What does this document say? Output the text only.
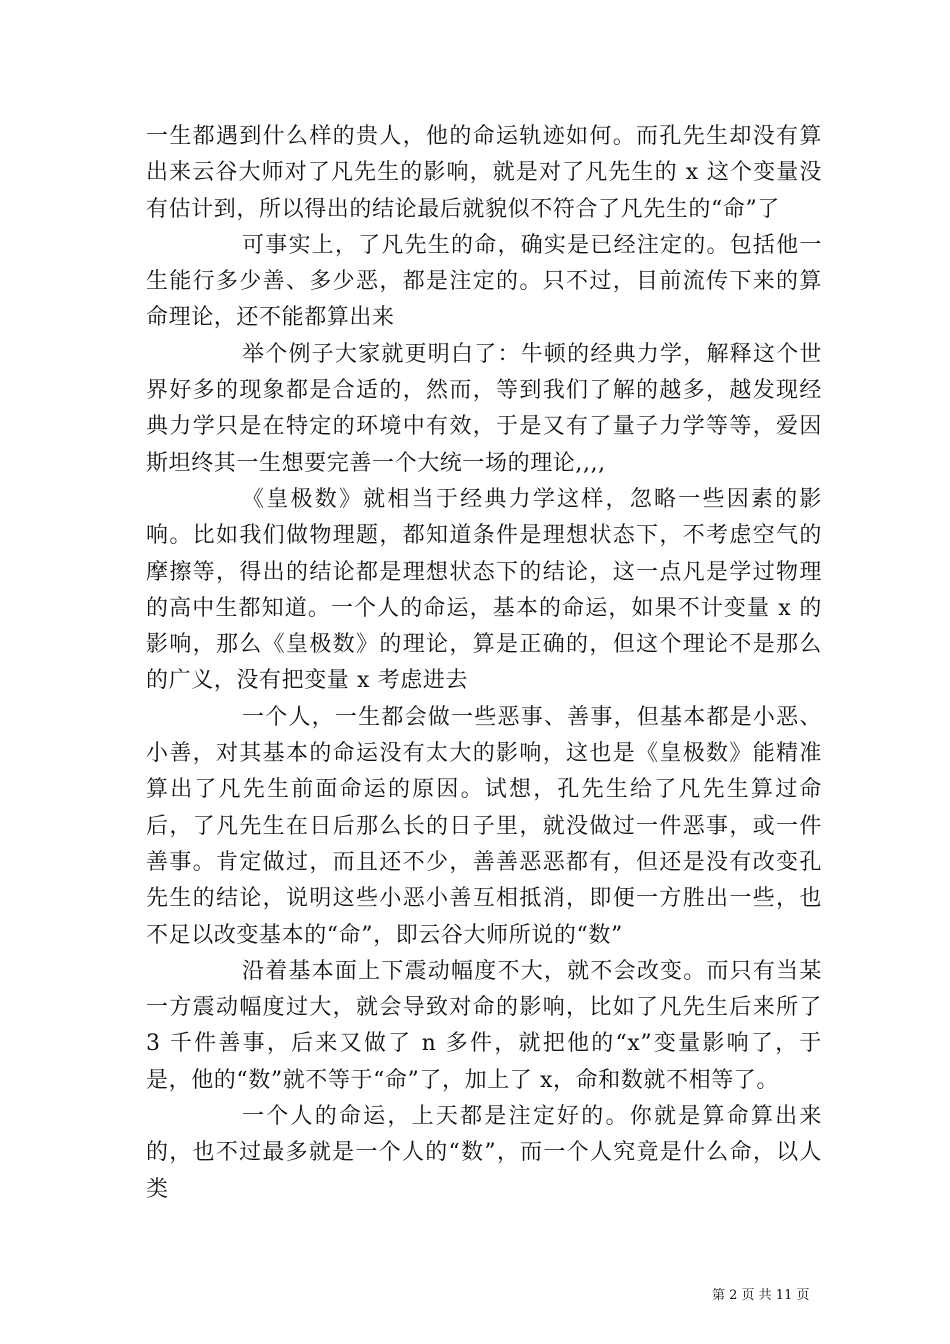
一生都遇到什么样的贵人，他的命运轨迹如何。而孔先生却没有算出来云谷大师对了凡先生的影响，就是对了凡先生的 x 这个变量没有估计到，所以得出的结论最后就貌似不符合了凡先生的“命”了

可事实上，了凡先生的命，确实是已经注定的。包括他一生能行多少善、多少恶，都是注定的。只不过，目前流传下来的算命理论，还不能都算出来

举个例子大家就更明白了：牛顿的经典力学，解释这个世界好多的现象都是合适的，然而，等到我们了解的越多，越发现经典力学只是在特定的环境中有效，于是又有了量子力学等等，爱因斯坦终其一生想要完善一个大统一场的理论,,,,

《皇极数》就相当于经典力学这样，忽略一些因素的影响。比如我们做物理题，都知道条件是理想状态下，不考虑空气的摩擦等，得出的结论都是理想状态下的结论，这一点凡是学过物理的高中生都知道。一个人的命运，基本的命运，如果不计变量 x 的影响，那么《皇极数》的理论，算是正确的，但这个理论不是那么的广义，没有把变量 x 考虑进去

一个人，一生都会做一些恶事、善事，但基本都是小恶、小善，对其基本的命运没有太大的影响，这也是《皇极数》能精准算出了凡先生前面命运的原因。试想，孔先生给了凡先生算过命后，了凡先生在日后那么长的日子里，就没做过一件恶事，或一件善事。肯定做过，而且还不少，善善恶恶都有，但还是没有改变孔先生的结论，说明这些小恶小善互相抵消，即便一方胜出一些，也不足以改变基本的“命”，即云谷大师所说的“数”

沿着基本面上下震动幅度不大，就不会改变。而只有当某一方震动幅度过大，就会导致对命的影响，比如了凡先生后来所了 3 千件善事，后来又做了 n 多件，就把他的“x”变量影响了，于是，他的“数”就不等于“命”了，加上了 x，命和数就不相等了。

一个人的命运，上天都是注定好的。你就是算命算出来的，也不过最多就是一个人的“数”，而一个人究竟是什么命，以人类

第 2 页 共 11 页
